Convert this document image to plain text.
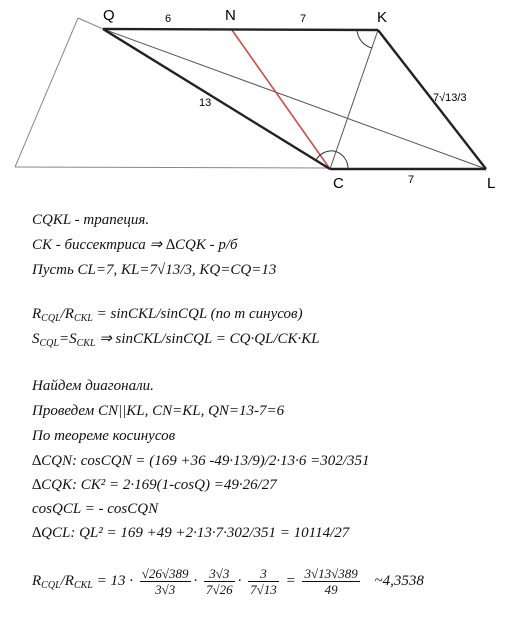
Q	N	K
C	L
6	7
13	7√13/3
7
CQKL - трапеция.
CK - биссектриса ⇒ ∆CQK - р/б
Пусть CL=7, KL=7√13/3, KQ=CQ=13
$R_{CQL}/R_{CKL}$ = sinCKL/sinCQL (по т синусов)
$S_{CQL}=S_{CKL}$ ⇒ sinCKL/sinCQL = CQ·QL/CK·KL
Найдем диагонали.
Проведем CN||KL, CN=KL, QN=13-7=6
По теореме косинусов
∆CQN: cosCQN = (169 +36 -49·13/9)/2·13·6 =302/351
∆CQK: CK² = 2·169(1-cosQ) =49·26/27
cosQCL = - cosCQN
∆QCL: QL² = 169 +49 +2·13·7·302/351 = 10114/27
$R_{CQL}/R_{CKL} = 13 \cdot \frac{√26√389}{3√3} \cdot \frac{3√3}{7√26} \cdot \frac{3}{7√13} = \frac{3√13√389}{49}$ ~4,3538
